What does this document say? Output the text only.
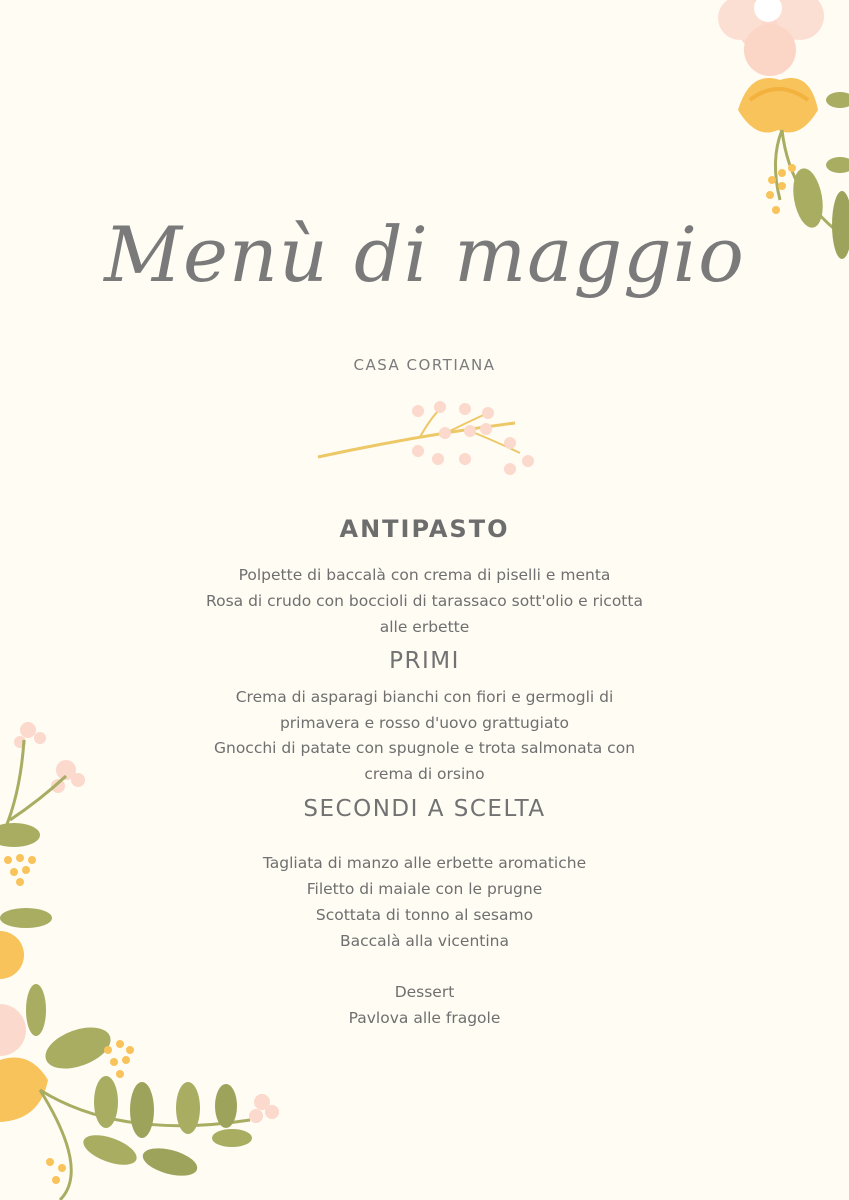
Menù di maggio
CASA CORTIANA
ANTIPASTO
Polpette di baccalà con crema di piselli e menta
Rosa di crudo con boccioli di tarassaco sott'olio e ricotta
alle erbette
PRIMI
Crema di asparagi bianchi con fiori e germogli di
primavera e rosso d'uovo grattugiato
Gnocchi di patate con spugnole e trota salmonata con
crema di orsino
SECONDI A SCELTA
Tagliata di manzo alle erbette aromatiche
Filetto di maiale con le prugne
Scottata di tonno al sesamo
Baccalà alla vicentina
Dessert
Pavlova alle fragole
